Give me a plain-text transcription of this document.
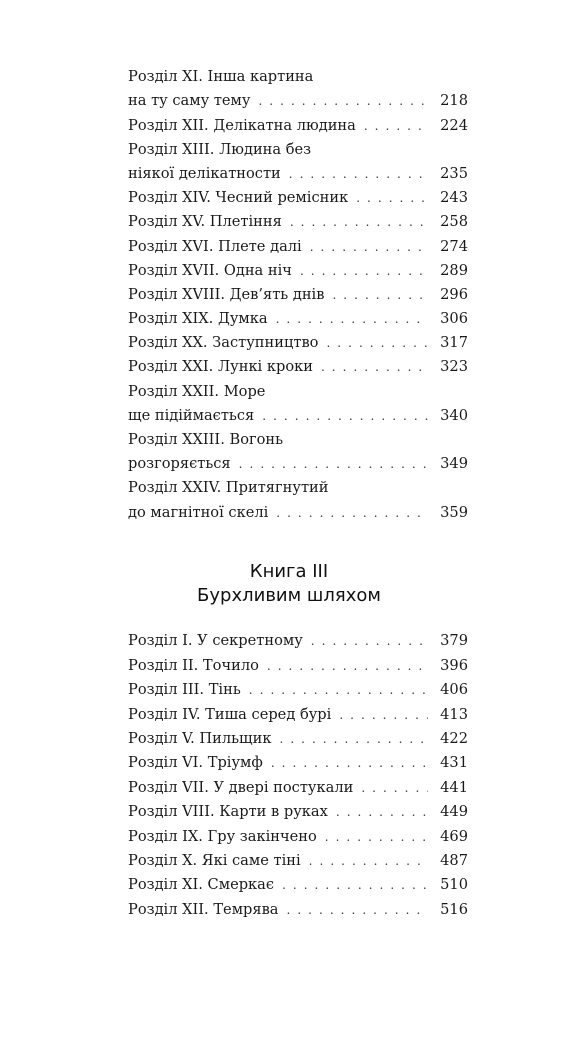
Розділ XI. Інша картина
на ту саму тему . . .	218
Розділ XII. Делікатна людина . . .	224
Розділ XIII. Людина без
ніякої делікатности . . .	235
Розділ XIV. Чесний ремісник . . .	243
Розділ XV. Плетіння . . .	258
Розділ XVI. Плете далі . . .	274
Розділ XVII. Одна ніч . . .	289
Розділ XVIII. Дев’ять днів . . .	296
Розділ XIX. Думка . . .	306
Розділ XX. Заступництво . . .	317
Розділ XXI. Лункі кроки . . .	323
Розділ XXII. Море
ще підіймається . . .	340
Розділ XXIII. Вогонь
розгоряється . . .	349
Розділ XXIV. Притягнутий
до магнітної скелі . . .	359
Книга III
Бурхливим шляхом
Розділ I. У секретному . . .	379
Розділ II. Точило . . .	396
Розділ III. Тінь . . .	406
Розділ IV. Тиша серед бурі . . .	413
Розділ V. Пильщик . . .	422
Розділ VI. Тріумф . . .	431
Розділ VII. У двері постукали . . .	441
Розділ VIII. Карти в руках . . .	449
Розділ IX. Гру закінчено . . .	469
Розділ X. Які саме тіні . . .	487
Розділ XI. Смеркає . . .	510
Розділ XII. Темрява . . .	516
